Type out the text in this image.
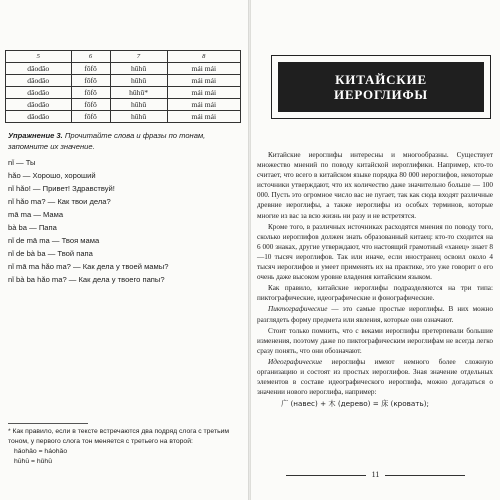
5	6	7	8
dāodāo	fōfō	hūhū	mái mái
dāodāo	fōfō	hūhū	mái mái
dāodāo	fōfō	hūhū*	mái mái
dāodāo	fōfō	hūhū	mái mái
dāodāo	fōfō	hūhū	mái mái
Упражнение 3. Прочитайте слова и фразы по тонам, запомните их значение.
nǐ — Ты
hǎo — Хорошо, хороший
nǐ hǎo! — Привет! Здравствуй!
nǐ hǎo ma? — Как твои дела?
mā ma — Мама
bà ba — Папа
nǐ de mā ma — Твоя мама
nǐ de bà ba — Твой папа
nǐ mā ma hǎo ma? — Как дела у твоей мамы?
nǐ bà ba hǎo ma? — Как дела у твоего папы?
* Как правило, если в тексте встречаются два подряд слога с третьим тоном, у первого слога тон меняется с третьего на второй:
hǎohǎo = háohǎo
hūhū = hǔhū
КИТАЙСКИЕ
ИЕРОГЛИФЫ

Китайские иероглифы интересны и многообразны. Существует множество мнений по поводу китайской иероглифики. Например, кто-то считает, что всего в китайском языке порядка 80 000 иероглифов, некоторые источники утверждают, что их количество даже значительно больше — 100 000. Пусть это огромное число вас не пугает, так как сюда входят различные древние иероглифы, а также иероглифы из особых терминов, которые многие из вас за всю жизнь ни разу и не встретятся.

Кроме того, в различных источниках расходятся мнения по поводу того, сколько иероглифов должен знать образованный китаец: кто-то сходится на 6 000 знаках, другие утверждают, что настоящий грамотный «ханец» знает 8—10 тысяч иероглифов. Так или иначе, если иностранец освоил около 4 тысяч иероглифов и умеет применять их на практике, это уже говорит о его очень даже высоком уровне владения китайским языком.

Как правило, китайские иероглифы подразделяются на три типа: пиктографические, идеографические и фонографические.

Пиктографические — это самые простые иероглифы. В них можно разглядеть форму предмета или явления, которые они означают.

Стоит только помнить, что с веками иероглифы претерпевали большие изменения, поэтому даже по пиктографическим иероглифам не всегда легко сразу понять, что они обозначают.

Идеографические иероглифы имеют немного более сложную организацию и состоят из простых иероглифов. Зная значение отдельных элементов в составе идеографического иероглифа, можно догадаться о значении нового иероглифа, например:

广 (навес) + 木 (дерево) = 床 (кровать);

11
